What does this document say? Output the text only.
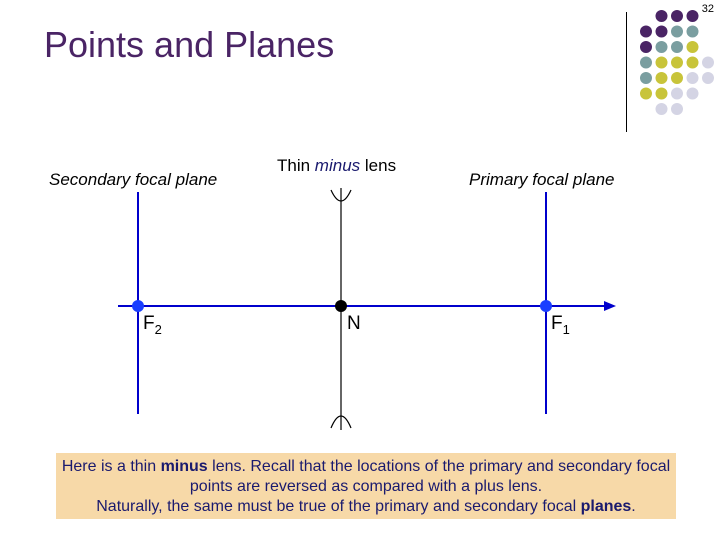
32
Points and Planes
Secondary focal plane
Thin minus lens
Primary focal plane
$F_2$	N	$F_1$
Here is a thin minus lens. Recall that the locations of the primary and secondary focal points are reversed as compared with a plus lens.
Naturally, the same must be true of the primary and secondary focal planes.
